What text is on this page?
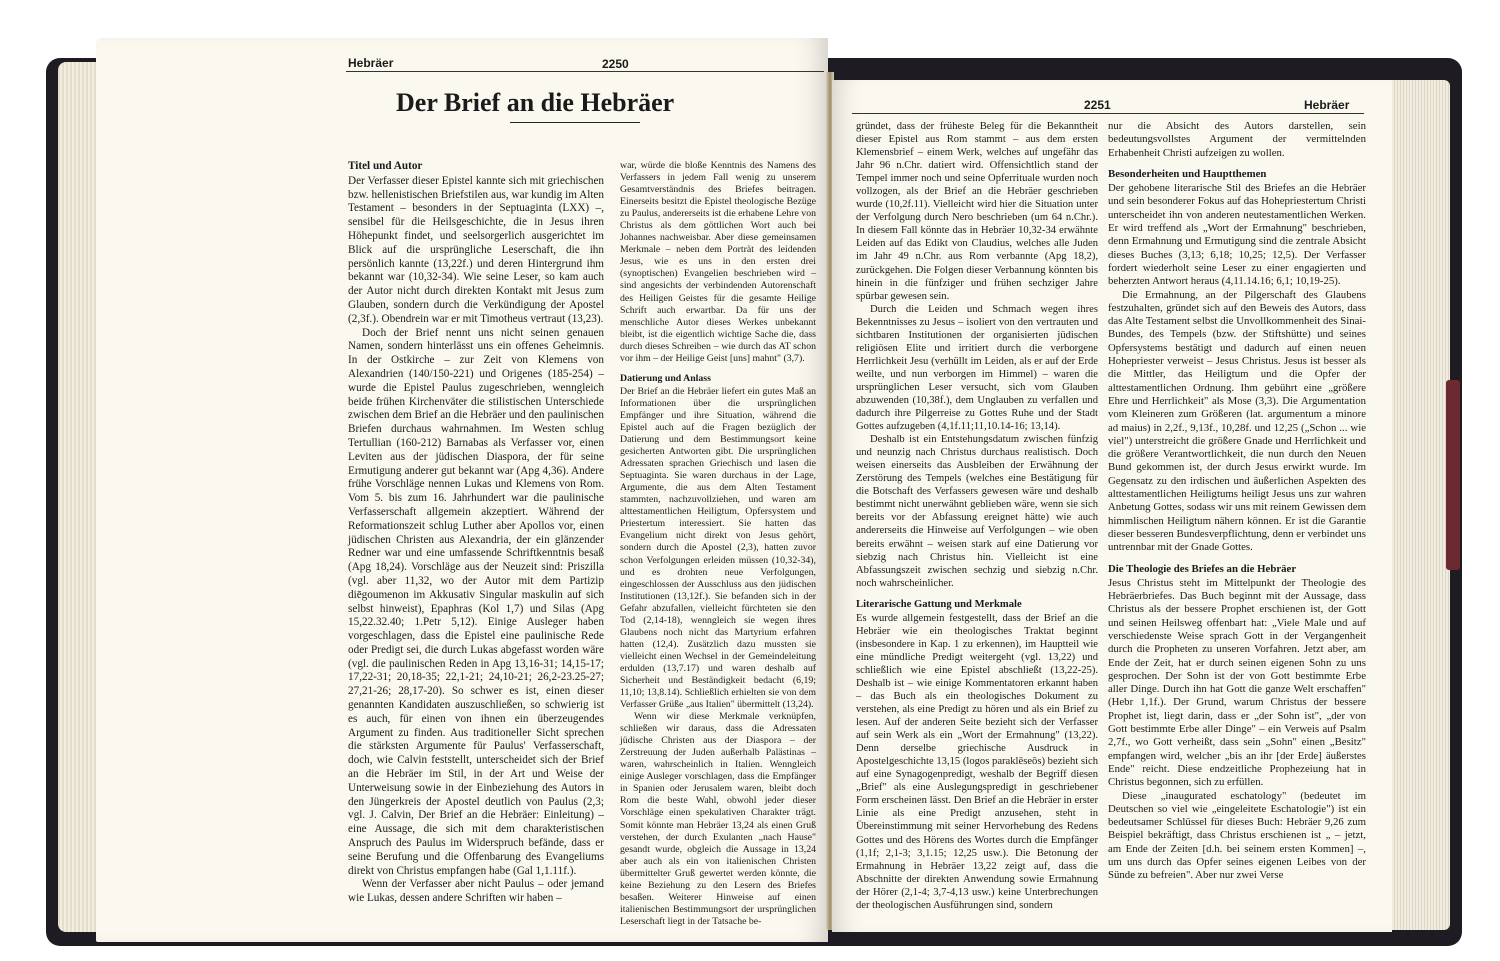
Hebräer	2250
Der Brief an die Hebräer
Titel und Autor

Der Verfasser dieser Epistel kannte sich mit griechischen bzw. hellenistischen Briefstilen aus, war kundig im Alten Testament – besonders in der Septuaginta (LXX) –, sensibel für die Heilsgeschichte, die in Jesus ihren Höhepunkt findet, und seelsorgerlich ausgerichtet im Blick auf die ursprüngliche Leserschaft, die ihn persönlich kannte (13,22f.) und deren Hintergrund ihm bekannt war (10,32-34). Wie seine Leser, so kam auch der Autor nicht durch direkten Kontakt mit Jesus zum Glauben, sondern durch die Verkündigung der Apostel (2,3f.). Obendrein war er mit Timotheus vertraut (13,23).

Doch der Brief nennt uns nicht seinen genauen Namen, sondern hinterlässt uns ein offenes Geheimnis. In der Ostkirche – zur Zeit von Klemens von Alexandrien (140/150-221) und Origenes (185-254) – wurde die Epistel Paulus zugeschrieben, wenngleich beide frühen Kirchenväter die stilistischen Unterschiede zwischen dem Brief an die Hebräer und den paulinischen Briefen durchaus wahrnahmen. Im Westen schlug Tertullian (160-212) Barnabas als Verfasser vor, einen Leviten aus der jüdischen Diaspora, der für seine Ermutigung anderer gut bekannt war (Apg 4,36). Andere frühe Vorschläge nennen Lukas und Klemens von Rom. Vom 5. bis zum 16. Jahrhundert war die paulinische Verfasserschaft allgemein akzeptiert. Während der Reformationszeit schlug Luther aber Apollos vor, einen jüdischen Christen aus Alexandria, der ein glänzender Redner war und eine umfassende Schriftkenntnis besaß (Apg 18,24). Vorschläge aus der Neuzeit sind: Priszilla (vgl. aber 11,32, wo der Autor mit dem Partizip diēgoumenon im Akkusativ Singular maskulin auf sich selbst hinweist), Epaphras (Kol 1,7) und Silas (Apg 15,22.32.40; 1.Petr 5,12). Einige Ausleger haben vorgeschlagen, dass die Epistel eine paulinische Rede oder Predigt sei, die durch Lukas abgefasst worden wäre (vgl. die paulinischen Reden in Apg 13,16-31; 14,15-17; 17,22-31; 20,18-35; 22,1-21; 24,10-21; 26,2-23.25-27; 27,21-26; 28,17-20). So schwer es ist, einen dieser genannten Kandidaten auszuschließen, so schwierig ist es auch, für einen von ihnen ein überzeugendes Argument zu finden. Aus traditioneller Sicht sprechen die stärksten Argumente für Paulus' Verfasserschaft, doch, wie Calvin feststellt, unterscheidet sich der Brief an die Hebräer im Stil, in der Art und Weise der Unterweisung sowie in der Einbeziehung des Autors in den Jüngerkreis der Apostel deutlich von Paulus (2,3; vgl. J. Calvin, Der Brief an die Hebräer: Einleitung) – eine Aussage, die sich mit dem charakteristischen Anspruch des Paulus im Widerspruch befände, dass er seine Berufung und die Offenbarung des Evangeliums direkt von Christus empfangen habe (Gal 1,1.11f.).

Wenn der Verfasser aber nicht Paulus – oder jemand wie Lukas, dessen andere Schriften wir haben –

war, würde die bloße Kenntnis des Namens des Verfassers in jedem Fall wenig zu unserem Gesamtverständnis des Briefes beitragen. Einerseits besitzt die Epistel theologische Bezüge zu Paulus, andererseits ist die erhabene Lehre von Christus als dem göttlichen Wort auch bei Johannes nachweisbar. Aber diese gemeinsamen Merkmale – neben dem Porträt des leidenden Jesus, wie es uns in den ersten drei (synoptischen) Evangelien beschrieben wird – sind angesichts der verbindenden Autorenschaft des Heiligen Geistes für die gesamte Heilige Schrift auch erwartbar. Da für uns der menschliche Autor dieses Werkes unbekannt bleibt, ist die eigentlich wichtige Sache die, dass durch dieses Schreiben – wie durch das AT schon vor ihm – der Heilige Geist [uns] mahnt" (3,7).

Datierung und Anlass

Der Brief an die Hebräer liefert ein gutes Maß an Informationen über die ursprünglichen Empfänger und ihre Situation, während die Epistel auch auf die Fragen bezüglich der Datierung und dem Bestimmungsort keine gesicherten Antworten gibt. Die ursprünglichen Adressaten sprachen Griechisch und lasen die Septuaginta. Sie waren durchaus in der Lage, Argumente, die aus dem Alten Testament stammten, nachzuvollziehen, und waren am alttestamentlichen Heiligtum, Opfersystem und Priestertum interessiert. Sie hatten das Evangelium nicht direkt von Jesus gehört, sondern durch die Apostel (2,3), hatten zuvor schon Verfolgungen erleiden müssen (10,32-34), und es drohten neue Verfolgungen, eingeschlossen der Ausschluss aus den jüdischen Institutionen (13,12f.). Sie befanden sich in der Gefahr abzufallen, vielleicht fürchteten sie den Tod (2,14-18), wenngleich sie wegen ihres Glaubens noch nicht das Martyrium erfahren hatten (12,4). Zusätzlich dazu mussten sie vielleicht einen Wechsel in der Gemeindeleitung erdulden (13,7.17) und waren deshalb auf Sicherheit und Beständigkeit bedacht (6,19; 11,10; 13,8.14). Schließlich erhielten sie von dem Verfasser Grüße „aus Italien" übermittelt (13,24).

Wenn wir diese Merkmale verknüpfen, schließen wir daraus, dass die Adressaten jüdische Christen aus der Diaspora – der Zerstreuung der Juden außerhalb Palästinas – waren, wahrscheinlich in Italien. Wenngleich einige Ausleger vorschlagen, dass die Empfänger in Spanien oder Jerusalem waren, bleibt doch Rom die beste Wahl, obwohl jeder dieser Vorschläge einen spekulativen Charakter trägt. Somit könnte man Hebräer 13,24 als einen Gruß verstehen, der durch Exulanten „nach Hause" gesandt wurde, obgleich die Aussage in 13,24 aber auch als ein von italienischen Christen übermittelter Gruß gewertet werden könnte, die keine Beziehung zu den Lesern des Briefes besaßen. Weiterer Hinweise auf einen italienischen Bestimmungsort der ursprünglichen Leserschaft liegt in der Tatsache be-

2251	Hebräer

gründet, dass der früheste Beleg für die Bekanntheit dieser Epistel aus Rom stammt – aus dem ersten Klemensbrief – einem Werk, welches auf ungefähr das Jahr 96 n.Chr. datiert wird. Offensichtlich stand der Tempel immer noch und seine Opferrituale wurden noch vollzogen, als der Brief an die Hebräer geschrieben wurde (10,2f.11). Vielleicht wird hier die Situation unter der Verfolgung durch Nero beschrieben (um 64 n.Chr.). In diesem Fall könnte das in Hebräer 10,32-34 erwähnte Leiden auf das Edikt von Claudius, welches alle Juden im Jahr 49 n.Chr. aus Rom verbannte (Apg 18,2), zurückgehen. Die Folgen dieser Verbannung könnten bis hinein in die fünfziger und frühen sechziger Jahre spürbar gewesen sein.

Durch die Leiden und Schmach wegen ihres Bekenntnisses zu Jesus – isoliert von den vertrauten und sichtbaren Institutionen der organisierten jüdischen religiösen Elite und irritiert durch die verborgene Herrlichkeit Jesu (verhüllt im Leiden, als er auf der Erde weilte, und nun verborgen im Himmel) – waren die ursprünglichen Leser versucht, sich vom Glauben abzuwenden (10,38f.), dem Unglauben zu verfallen und dadurch ihre Pilgerreise zu Gottes Ruhe und der Stadt Gottes aufzugeben (4,1f.11;11,10.14-16; 13,14).

Deshalb ist ein Entstehungsdatum zwischen fünfzig und neunzig nach Christus durchaus realistisch. Doch weisen einerseits das Ausbleiben der Erwähnung der Zerstörung des Tempels (welches eine Bestätigung für die Botschaft des Verfassers gewesen wäre und deshalb bestimmt nicht unerwähnt geblieben wäre, wenn sie sich bereits vor der Abfassung ereignet hätte) wie auch andererseits die Hinweise auf Verfolgungen – wie oben bereits erwähnt – weisen stark auf eine Datierung vor siebzig nach Christus hin. Vielleicht ist eine Abfassungszeit zwischen sechzig und siebzig n.Chr. noch wahrscheinlicher.

Literarische Gattung und Merkmale

Es wurde allgemein festgestellt, dass der Brief an die Hebräer wie ein theologisches Traktat beginnt (insbesondere in Kap. 1 zu erkennen), im Hauptteil wie eine mündliche Predigt weitergeht (vgl. 13,22) und schließlich wie eine Epistel abschließt (13,22-25). Deshalb ist – wie einige Kommentatoren erkannt haben – das Buch als ein theologisches Dokument zu verstehen, als eine Predigt zu hören und als ein Brief zu lesen. Auf der anderen Seite bezieht sich der Verfasser auf sein Werk als ein „Wort der Ermahnung" (13,22). Denn derselbe griechische Ausdruck in Apostelgeschichte 13,15 (logos paraklēseōs) bezieht sich auf eine Synagogenpredigt, weshalb der Begriff diesen „Brief" als eine Auslegungspredigt in geschriebener Form erscheinen lässt. Den Brief an die Hebräer in erster Linie als eine Predigt anzusehen, steht in Übereinstimmung mit seiner Hervorhebung des Redens Gottes und des Hörens des Wortes durch die Empfänger (1,1f; 2,1-3; 3,1.15; 12,25 usw.). Die Betonung der Ermahnung in Hebräer 13,22 zeigt auf, dass die Abschnitte der direkten Anwendung sowie Ermahnung der Hörer (2,1-4; 3,7-4,13 usw.) keine Unterbrechungen der theologischen Ausführungen sind, sondern

nur die Absicht des Autors darstellen, sein bedeutungsvollstes Argument der vermittelnden Erhabenheit Christi aufzeigen zu wollen.

Besonderheiten und Hauptthemen

Der gehobene literarische Stil des Briefes an die Hebräer und sein besonderer Fokus auf das Hohepriestertum Christi unterscheidet ihn von anderen neutestamentlichen Werken. Er wird treffend als „Wort der Ermahnung" beschrieben, denn Ermahnung und Ermutigung sind die zentrale Absicht dieses Buches (3,13; 6,18; 10,25; 12,5). Der Verfasser fordert wiederholt seine Leser zu einer engagierten und beherzten Antwort heraus (4,11.14.16; 6,1; 10,19-25).

Die Ermahnung, an der Pilgerschaft des Glaubens festzuhalten, gründet sich auf den Beweis des Autors, dass das Alte Testament selbst die Unvollkommenheit des Sinai-Bundes, des Tempels (bzw. der Stiftshütte) und seines Opfersystems bestätigt und dadurch auf einen neuen Hohepriester verweist – Jesus Christus. Jesus ist besser als die Mittler, das Heiligtum und die Opfer der alttestamentlichen Ordnung. Ihm gebührt eine „größere Ehre und Herrlichkeit" als Mose (3,3). Die Argumentation vom Kleineren zum Größeren (lat. argumentum a minore ad maius) in 2,2f., 9,13f., 10,28f. und 12,25 („Schon ... wie viel") unterstreicht die größere Gnade und Herrlichkeit und die größere Verantwortlichkeit, die nun durch den Neuen Bund gekommen ist, der durch Jesus erwirkt wurde. Im Gegensatz zu den irdischen und äußerlichen Aspekten des alttestamentlichen Heiligtums heiligt Jesus uns zur wahren Anbetung Gottes, sodass wir uns mit reinem Gewissen dem himmlischen Heiligtum nähern können. Er ist die Garantie dieser besseren Bundesverpflichtung, denn er verbindet uns untrennbar mit der Gnade Gottes.

Die Theologie des Briefes an die Hebräer

Jesus Christus steht im Mittelpunkt der Theologie des Hebräerbriefes. Das Buch beginnt mit der Aussage, dass Christus als der bessere Prophet erschienen ist, der Gott und seinen Heilsweg offenbart hat: „Viele Male und auf verschiedenste Weise sprach Gott in der Vergangenheit durch die Propheten zu unseren Vorfahren. Jetzt aber, am Ende der Zeit, hat er durch seinen eigenen Sohn zu uns gesprochen. Der Sohn ist der von Gott bestimmte Erbe aller Dinge. Durch ihn hat Gott die ganze Welt erschaffen" (Hebr 1,1f.). Der Grund, warum Christus der bessere Prophet ist, liegt darin, dass er „der Sohn ist", „der von Gott bestimmte Erbe aller Dinge" – ein Verweis auf Psalm 2,7f., wo Gott verheißt, dass sein „Sohn" einen „Besitz" empfangen wird, welcher „bis an ihr [der Erde] äußerstes Ende" reicht. Diese endzeitliche Prophezeiung hat in Christus begonnen, sich zu erfüllen.

Diese „inaugurated eschatology" (bedeutet im Deutschen so viel wie „eingeleitete Eschatologie") ist ein bedeutsamer Schlüssel für dieses Buch: Hebräer 9,26 zum Beispiel bekräftigt, dass Christus erschienen ist „ – jetzt, am Ende der Zeiten [d.h. bei seinem ersten Kommen] –, um uns durch das Opfer seines eigenen Leibes von der Sünde zu befreien". Aber nur zwei Verse
